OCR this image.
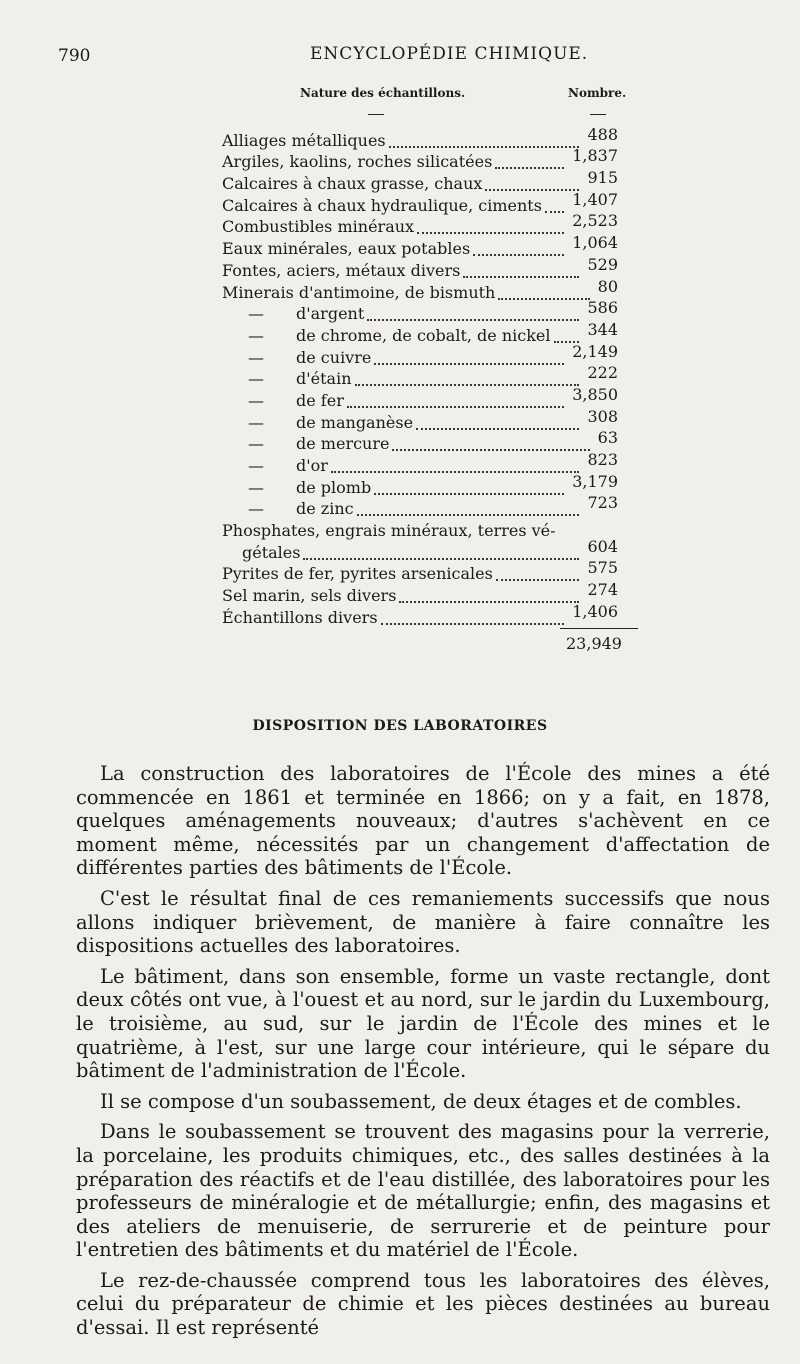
790	ENCYCLOPÉDIE CHIMIQUE.
Nature des échantillons.	Nombre.
Alliages métalliques	488
Argiles, kaolins, roches silicatées	1,837
Calcaires à chaux grasse, chaux	915
Calcaires à chaux hydraulique, ciments 1,407
Combustibles minéraux	2,523
Eaux minérales, eaux potables	1,064
Fontes, aciers, métaux divers	529
Minerais d'antimoine, de bismuth	80
— d'argent	586
— de chrome, de cobalt, de nickel 344
— de cuivre	2,149
— d'étain	222
— de fer	3,850
— de manganèse	308
— de mercure	63
— d'or	823
— de plomb	3,179
— de zinc	723
Phosphates, engrais minéraux, terres vé-
gétales	604
Pyrites de fer, pyrites arsenicales	575
Sel marin, sels divers	274
Échantillons divers	1,406
23,949
DISPOSITION DES LABORATOIRES

La construction des laboratoires de l'École des mines a été commencée en 1861 et terminée en 1866; on y a fait, en 1878, quelques aménagements nouveaux; d'autres s'achèvent en ce moment même, nécessités par un changement d'affectation de différentes parties des bâtiments de l'École.

C'est le résultat final de ces remaniements successifs que nous allons indiquer brièvement, de manière à faire connaître les dispositions actuelles des laboratoires.

Le bâtiment, dans son ensemble, forme un vaste rectangle, dont deux côtés ont vue, à l'ouest et au nord, sur le jardin du Luxembourg, le troisième, au sud, sur le jardin de l'École des mines et le quatrième, à l'est, sur une large cour intérieure, qui le sépare du bâtiment de l'administration de l'École.

Il se compose d'un soubassement, de deux étages et de combles.

Dans le soubassement se trouvent des magasins pour la verrerie, la porcelaine, les produits chimiques, etc., des salles destinées à la préparation des réactifs et de l'eau distillée, des laboratoires pour les professeurs de minéralogie et de métallurgie; enfin, des magasins et des ateliers de menuiserie, de serrurerie et de peinture pour l'entretien des bâtiments et du matériel de l'École.

Le rez-de-chaussée comprend tous les laboratoires des élèves, celui du préparateur de chimie et les pièces destinées au bureau d'essai. Il est représenté
